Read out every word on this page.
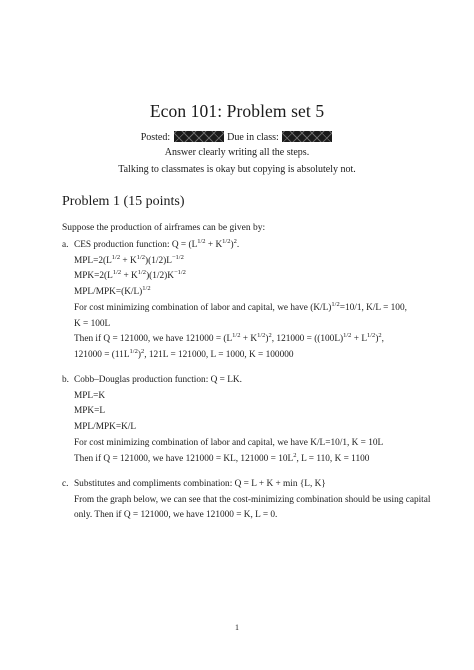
Econ 101: Problem set 5
Posted:	Due in class:
Answer clearly writing all the steps.
Talking to classmates is okay but copying is absolutely not.
Problem 1 (15 points)
Suppose the production of airframes can be given by:
a. CES production function: $Q = (L^{1/2} + K^{1/2})^2$.
$MPL=2(L^{1/2} + K^{1/2})(1/2)L^{-1/2}$
$MPK=2(L^{1/2} + K^{1/2})(1/2)K^{-1/2}$
MPL/$MPK=(K/L)^{1/2}$
For cost minimizing combination of labor and capital, we have $(K/L)^{1/2}=10/1$, K/L = 100,
K = 100L
Then if Q = 121000, we have $121000 = (L^{1/2} + K^{1/2})^2$, $121000 = ((100L)^{1/2} + L^{1/2})^2$,
$121000 = (11L^{1/2})^2$, 121L = 121000, L = 1000, K = 100000
b. Cobb–Douglas production function: Q = LK.
MPL=K
MPK=L
MPL/MPK=K/L
For cost minimizing combination of labor and capital, we have K/L=10/1, K = 10L
Then if Q = 121000, we have 121000 = KL, $121000 = 10L^2$, L = 110, K = 1100
c. Substitutes and compliments combination: Q = L + K + min {L, K}
From the graph below, we can see that the cost-minimizing combination should be using capital
only. Then if Q = 121000, we have 121000 = K, L = 0.
1
